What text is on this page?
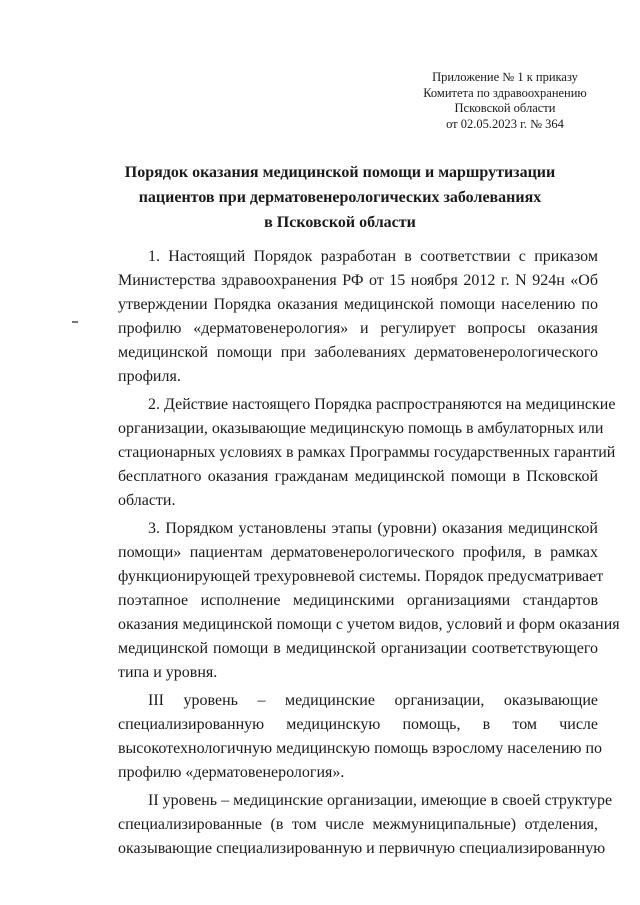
Приложение № 1 к приказу
Комитета по здравоохранению
Псковской области
от 02.05.2023 г. № 364
Порядок оказания медицинской помощи и маршрутизации
пациентов при дерматовенерологических заболеваниях
в Псковской области
1. Настоящий Порядок разработан в соответствии с приказом
Министерства здравоохранения РФ от 15 ноября 2012 г. N 924н «Об
утверждении Порядка оказания медицинской помощи населению по
профилю «дерматовенерология» и регулирует вопросы оказания
медицинской помощи при заболеваниях дерматовенерологического
профиля.
2. Действие настоящего Порядка распространяются на медицинские
организации, оказывающие медицинскую помощь в амбулаторных или
стационарных условиях в рамках Программы государственных гарантий
бесплатного оказания гражданам медицинской помощи в Псковской
области.
3. Порядком установлены этапы (уровни) оказания медицинской
помощи» пациентам дерматовенерологического профиля, в рамках
функционирующей трехуровневой системы. Порядок предусматривает
поэтапное исполнение медицинскими организациями стандартов
оказания медицинской помощи с учетом видов, условий и форм оказания
медицинской помощи в медицинской организации соответствующего
типа и уровня.
III уровень – медицинские организации, оказывающие
специализированную медицинскую помощь, в том числе
высокотехнологичную медицинскую помощь взрослому населению по
профилю «дерматовенерология».
II уровень – медицинские организации, имеющие в своей структуре
специализированные (в том числе межмуниципальные) отделения,
оказывающие специализированную и первичную специализированную
